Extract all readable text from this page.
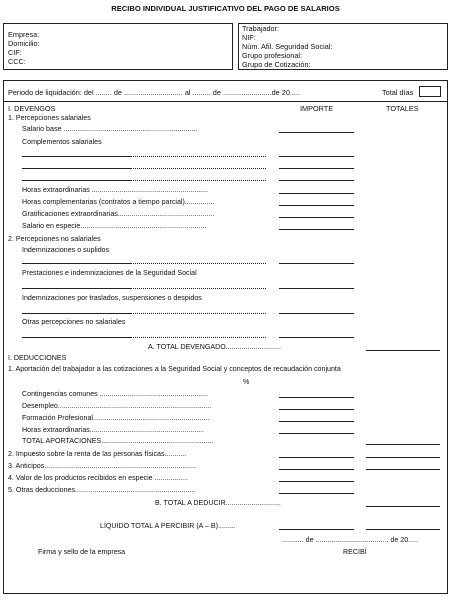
RECIBO INDIVIDUAL JUSTIFICATIVO DEL PAGO DE SALARIOS
Empresa:
Domicilio:
CIF:
CCC:
Trabajador:
NIF:
Núm. Afil. Seguridad Social:
Grupo profesional:
Grupo de Cotización:
Periodo de liquidación: del ........ de ............................. al ......... de ........................de 20.....	Total días
I. DEVENGOS	IMPORTE	TOTALES
1. Percepciones salariales
Salario base ....................................................................
Complementos salariales
Horas extraordinarias ...........................................................
Horas complementarias (contratos a tiempo parcial)...............
Gratificaciones extraordinarias.................................................
Salario en especie................................................................
2. Percepciones no salariales
Indemnizaciones o suplidos
Prestaciones e indemnizaciones de la Seguridad Social
Indemnizaciones por traslados, suspensiones o despidos
Otras percepciones no salariales
A. TOTAL DEVENGADO............................
I. DEDUCCIONES
1. Aportación del trabajador a las cotizaciones a la Seguridad Social y conceptos de recaudación conjunta
%
Contingencias comunes .......................................................
Desempleo..............................................................................
Formación Profesional...........................................................
Horas extraordinarias..........................................................
TOTAL APORTACIONES.........................................................
2. Impuesto sobre la renta de las personas físicas...........
3. Anticipos.............................................................................
4. Valor de los productos recibidos en especie .................
5. Otras deducciones.............................................................
B. TOTAL A DEDUCIR............................
LÍQUIDO TOTAL A PERCIBIR (A – B).........
........... de ..................................... de 20.....
Firma y sello de la empresa	RECIBÍ
